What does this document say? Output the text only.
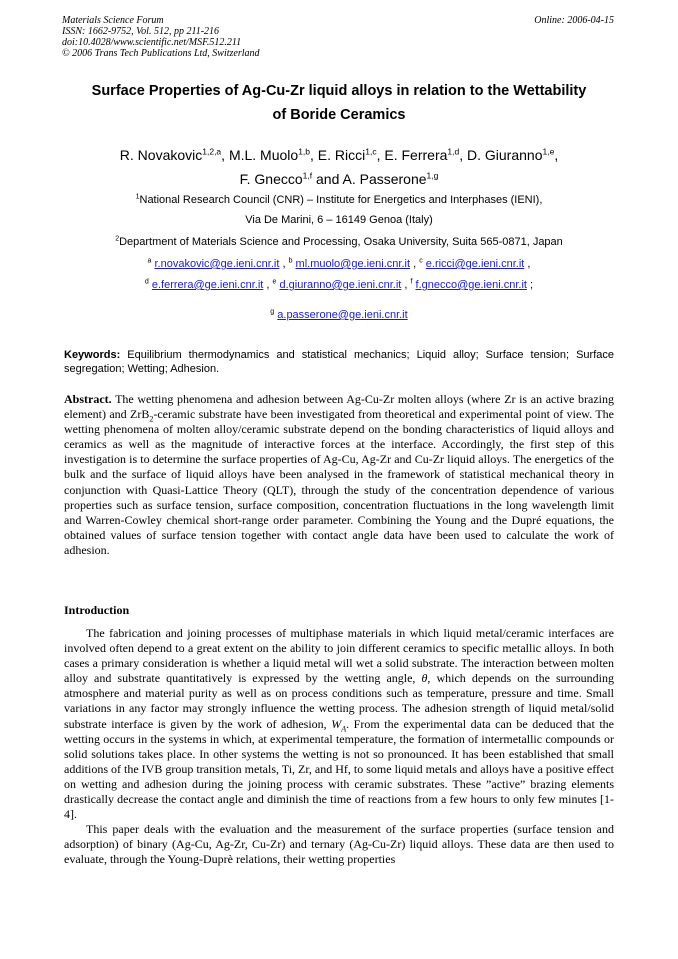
Materials Science Forum
ISSN: 1662-9752, Vol. 512, pp 211-216
doi:10.4028/www.scientific.net/MSF.512.211
© 2006 Trans Tech Publications Ltd, Switzerland
Online: 2006-04-15
Surface Properties of Ag-Cu-Zr liquid alloys in relation to the Wettability
of Boride Ceramics
R. Novakovic$^{1,2,a}$, M.L. Muolo$^{1,b}$, E. Ricci$^{1,c}$, E. Ferrera$^{1,d}$, D. Giuranno$^{1,e}$,
F. Gnecco$^{1,f}$ and A. Passerone$^{1,g}$
$^1$National Research Council (CNR) – Institute for Energetics and Interphases (IENI),
Via De Marini, 6 – 16149 Genoa (Italy)
$^2$Department of Materials Science and Processing, Osaka University, Suita 565-0871, Japan
$^a$ r.novakovic@ge.ieni.cnr.it , $^b$ ml.muolo@ge.ieni.cnr.it , $^c$ e.ricci@ge.ieni.cnr.it ,
$^d$ e.ferrera@ge.ieni.cnr.it , $^e$ d.giuranno@ge.ieni.cnr.it , $^f$ f.gnecco@ge.ieni.cnr.it ;
$^g$ a.passerone@ge.ieni.cnr.it
Keywords: Equilibrium thermodynamics and statistical mechanics; Liquid alloy; Surface tension; Surface segregation; Wetting; Adhesion.
Abstract. The wetting phenomena and adhesion between Ag-Cu-Zr molten alloys (where Zr is an active brazing element) and ZrB$_2$-ceramic substrate have been investigated from theoretical and experimental point of view. The wetting phenomena of molten alloy/ceramic substrate depend on the bonding characteristics of liquid alloys and ceramics as well as the magnitude of interactive forces at the interface. Accordingly, the first step of this investigation is to determine the surface properties of Ag-Cu, Ag-Zr and Cu-Zr liquid alloys. The energetics of the bulk and the surface of liquid alloys have been analysed in the framework of statistical mechanical theory in conjunction with Quasi-Lattice Theory (QLT), through the study of the concentration dependence of various properties such as surface tension, surface composition, concentration fluctuations in the long wavelength limit and Warren-Cowley chemical short-range order parameter. Combining the Young and the Dupré equations, the obtained values of surface tension together with contact angle data have been used to calculate the work of adhesion.
Introduction

The fabrication and joining processes of multiphase materials in which liquid metal/ceramic interfaces are involved often depend to a great extent on the ability to join different ceramics to specific metallic alloys. In both cases a primary consideration is whether a liquid metal will wet a solid substrate. The interaction between molten alloy and substrate quantitatively is expressed by the wetting angle, θ, which depends on the surrounding atmosphere and material purity as well as on process conditions such as temperature, pressure and time. Small variations in any factor may strongly influence the wetting process. The adhesion strength of liquid metal/solid substrate interface is given by the work of adhesion, $W_A$. From the experimental data can be deduced that the wetting occurs in the systems in which, at experimental temperature, the formation of intermetallic compounds or solid solutions takes place. In other systems the wetting is not so pronounced. It has been established that small additions of the IVB group transition metals, Ti, Zr, and Hf, to some liquid metals and alloys have a positive effect on wetting and adhesion during the joining process with ceramic substrates. These ”active” brazing elements drastically decrease the contact angle and diminish the time of reactions from a few hours to only few minutes [1-4].

This paper deals with the evaluation and the measurement of the surface properties (surface tension and adsorption) of binary (Ag-Cu, Ag-Zr, Cu-Zr) and ternary (Ag-Cu-Zr) liquid alloys. These data are then used to evaluate, through the Young-Duprè relations, their wetting properties
